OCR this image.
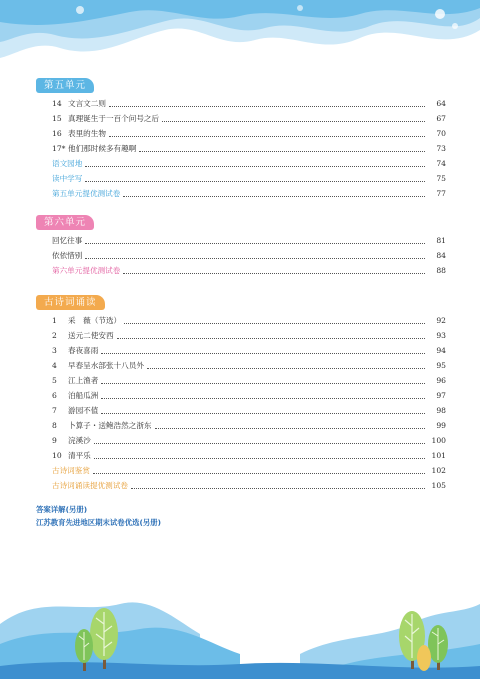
第五单元
14 文言文二则	64
15 真理诞生于一百个问号之后	67
16 表里的生物	70
17* 他们那时候多有趣啊	73
语文园地	74
读中学写	75
第五单元提优测试卷	77
第六单元
回忆往事	81
依依惜别	84
第六单元提优测试卷	88
古诗词诵读
1	采　薇（节选）	92
2	送元二使安西	93
3	春夜喜雨	94
4	早春呈水部张十八员外	95
5	江上渔者	96
6	泊船瓜洲	97
7	游园不值	98
8	卜算子・送鲍浩然之浙东	99
9	浣溪沙	100
10 清平乐	101
古诗词鉴赏	102
古诗词诵读提优测试卷	105
答案详解(另册)
江苏教育先进地区期末试卷优选(另册)
